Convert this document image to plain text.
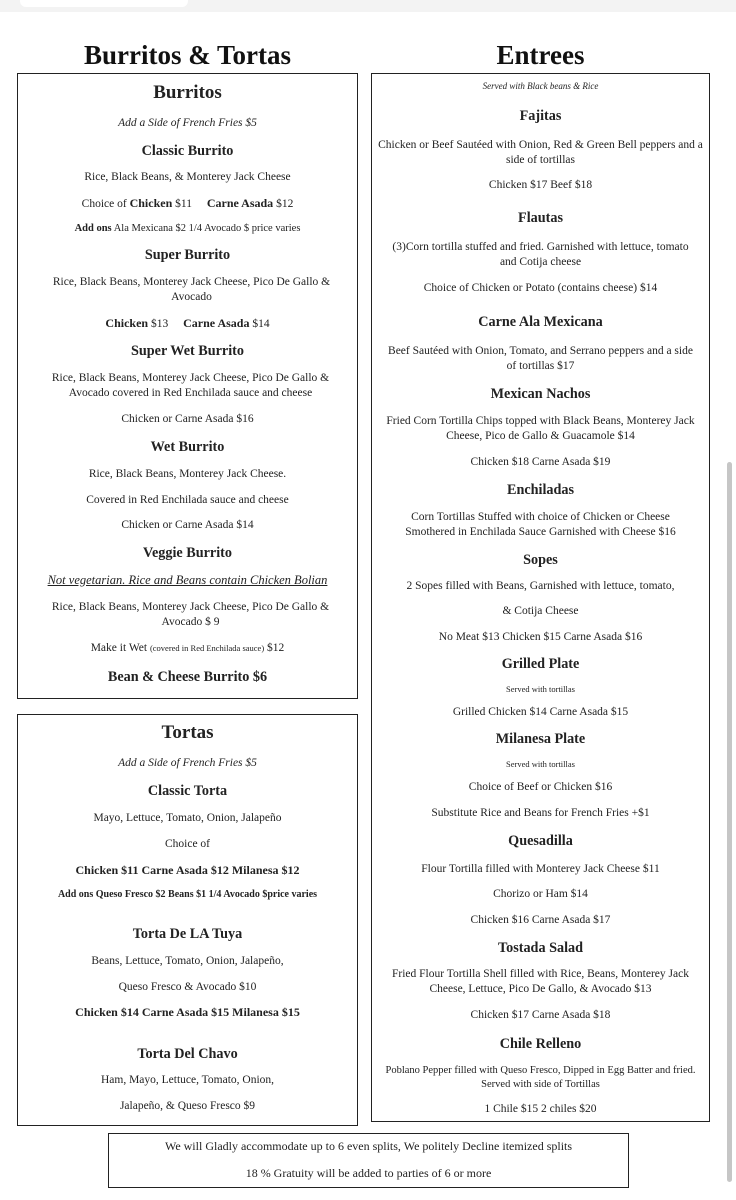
Burritos & Tortas
Burritos
Add a Side of French Fries $5
Classic Burrito
Rice, Black Beans, & Monterey Jack Cheese
Choice of Chicken $11 Carne Asada $12
Add ons Ala Mexicana $2 1/4 Avocado $ price varies
Super Burrito
Rice, Black Beans, Monterey Jack Cheese, Pico De Gallo & Avocado
Chicken $13 Carne Asada $14
Super Wet Burrito
Rice, Black Beans, Monterey Jack Cheese, Pico De Gallo & Avocado covered in Red Enchilada sauce and cheese
Chicken or Carne Asada $16
Wet Burrito
Rice, Black Beans, Monterey Jack Cheese.
Covered in Red Enchilada sauce and cheese
Chicken or Carne Asada $14
Veggie Burrito
Not vegetarian. Rice and Beans contain Chicken Bolian
Rice, Black Beans, Monterey Jack Cheese, Pico De Gallo & Avocado $ 9
Make it Wet (covered in Red Enchilada sauce) $12
Bean & Cheese Burrito $6
Tortas
Add a Side of French Fries $5
Classic Torta
Mayo, Lettuce, Tomato, Onion, Jalapeño
Choice of
Chicken $11 Carne Asada $12 Milanesa $12
Add ons Queso Fresco $2 Beans $1 1/4 Avocado $price varies
Torta De LA Tuya
Beans, Lettuce, Tomato, Onion, Jalapeño,
Queso Fresco & Avocado $10
Chicken $14 Carne Asada $15 Milanesa $15
Torta Del Chavo
Ham, Mayo, Lettuce, Tomato, Onion,
Jalapeño, & Queso Fresco $9
Entrees
Served with Black beans & Rice
Fajitas
Chicken or Beef Sautéed with Onion, Red & Green Bell peppers and a side of tortillas
Chicken $17 Beef $18
Flautas
(3)Corn tortilla stuffed and fried. Garnished with lettuce, tomato and Cotija cheese
Choice of Chicken or Potato (contains cheese) $14
Carne Ala Mexicana
Beef Sautéed with Onion, Tomato, and Serrano peppers and a side of tortillas $17
Mexican Nachos
Fried Corn Tortilla Chips topped with Black Beans, Monterey Jack Cheese, Pico de Gallo & Guacamole $14
Chicken $18 Carne Asada $19
Enchiladas
Corn Tortillas Stuffed with choice of Chicken or Cheese Smothered in Enchilada Sauce Garnished with Cheese $16
Sopes
2 Sopes filled with Beans, Garnished with lettuce, tomato,
& Cotija Cheese
No Meat $13 Chicken $15 Carne Asada $16
Grilled Plate
Served with tortillas
Grilled Chicken $14 Carne Asada $15
Milanesa Plate
Served with tortillas
Choice of Beef or Chicken $16
Substitute Rice and Beans for French Fries +$1
Quesadilla
Flour Tortilla filled with Monterey Jack Cheese $11
Chorizo or Ham $14
Chicken $16 Carne Asada $17
Tostada Salad
Fried Flour Tortilla Shell filled with Rice, Beans, Monterey Jack Cheese, Lettuce, Pico De Gallo, & Avocado $13
Chicken $17 Carne Asada $18
Chile Relleno
Poblano Pepper filled with Queso Fresco, Dipped in Egg Batter and fried. Served with side of Tortillas
1 Chile $15 2 chiles $20
We will Gladly accommodate up to 6 even splits, We politely Decline itemized splits
18 % Gratuity will be added to parties of 6 or more
